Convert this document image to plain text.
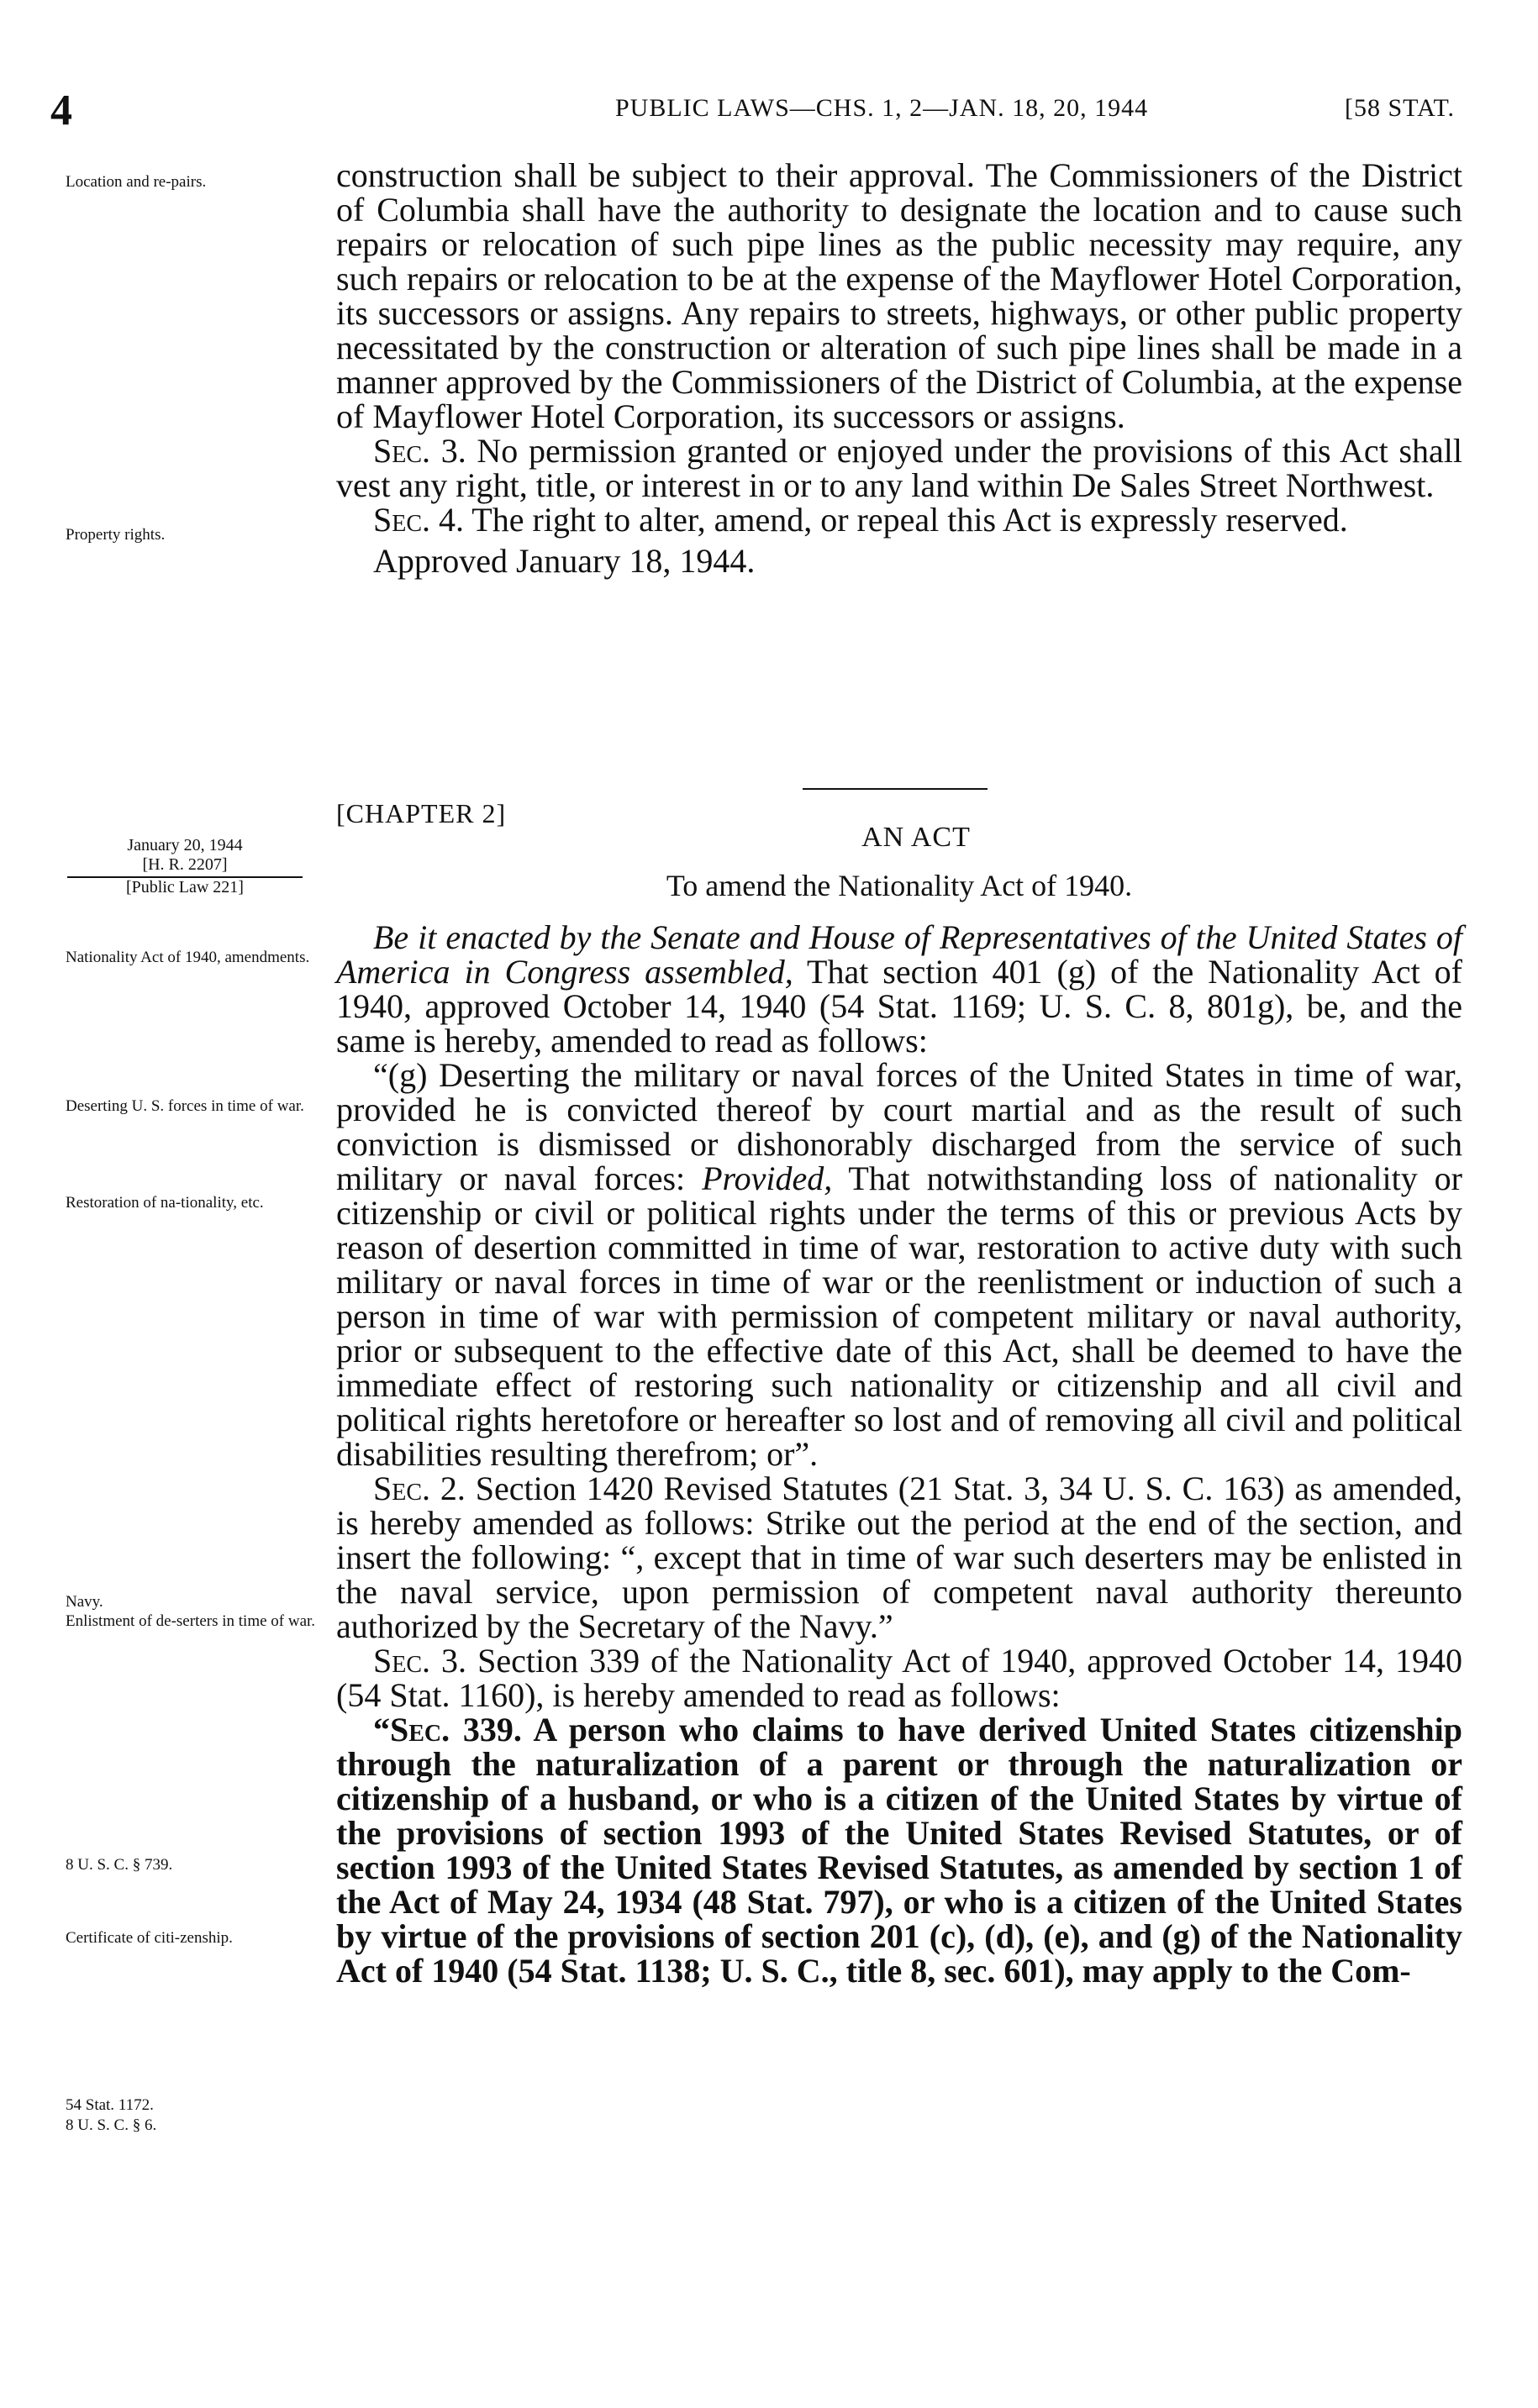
4	PUBLIC LAWS—CHS. 1, 2—JAN. 18, 20, 1944	[58 STAT.
Location and re-pairs.
Property rights.
January 20, 1944
[H. R. 2207]
[Public Law 221]
Nationality Act of 1940, amendments.
Deserting U. S. forces in time of war.
Restoration of na-tionality, etc.
Navy.
Enlistment of de-serters in time of war.
8 U. S. C. § 739.
Certificate of citi-zenship.
54 Stat. 1172.
8 U. S. C. § 6.

construction shall be subject to their approval. The Commissioners of the District of Columbia shall have the authority to designate the location and to cause such repairs or relocation of such pipe lines as the public necessity may require, any such repairs or relocation to be at the expense of the Mayflower Hotel Corporation, its successors or assigns. Any repairs to streets, highways, or other public property necessitated by the construction or alteration of such pipe lines shall be made in a manner approved by the Commissioners of the District of Columbia, at the expense of Mayflower Hotel Corporation, its successors or assigns.

Sec. 3. No permission granted or enjoyed under the provisions of this Act shall vest any right, title, or interest in or to any land within De Sales Street Northwest.

Sec. 4. The right to alter, amend, or repeal this Act is expressly reserved.

Approved January 18, 1944.

[CHAPTER 2]
AN ACT
To amend the Nationality Act of 1940.

Be it enacted by the Senate and House of Representatives of the United States of America in Congress assembled, That section 401 (g) of the Nationality Act of 1940, approved October 14, 1940 (54 Stat. 1169; U. S. C. 8, 801g), be, and the same is hereby, amended to read as follows:

“(g) Deserting the military or naval forces of the United States in time of war, provided he is convicted thereof by court martial and as the result of such conviction is dismissed or dishonorably discharged from the service of such military or naval forces: Provided, That notwithstanding loss of nationality or citizenship or civil or political rights under the terms of this or previous Acts by reason of desertion committed in time of war, restoration to active duty with such military or naval forces in time of war or the reenlistment or induction of such a person in time of war with permission of competent military or naval authority, prior or subsequent to the effective date of this Act, shall be deemed to have the immediate effect of restoring such nationality or citizenship and all civil and political rights heretofore or hereafter so lost and of removing all civil and political disabilities resulting therefrom; or”.

Sec. 2. Section 1420 Revised Statutes (21 Stat. 3, 34 U. S. C. 163) as amended, is hereby amended as follows: Strike out the period at the end of the section, and insert the following: “, except that in time of war such deserters may be enlisted in the naval service, upon permission of competent naval authority thereunto authorized by the Secretary of the Navy.”

Sec. 3. Section 339 of the Nationality Act of 1940, approved October 14, 1940 (54 Stat. 1160), is hereby amended to read as follows:

“Sec. 339. A person who claims to have derived United States citizenship through the naturalization of a parent or through the naturalization or citizenship of a husband, or who is a citizen of the United States by virtue of the provisions of section 1993 of the United States Revised Statutes, or of section 1993 of the United States Revised Statutes, as amended by section 1 of the Act of May 24, 1934 (48 Stat. 797), or who is a citizen of the United States by virtue of the provisions of section 201 (c), (d), (e), and (g) of the Nationality Act of 1940 (54 Stat. 1138; U. S. C., title 8, sec. 601), may apply to the Com-
